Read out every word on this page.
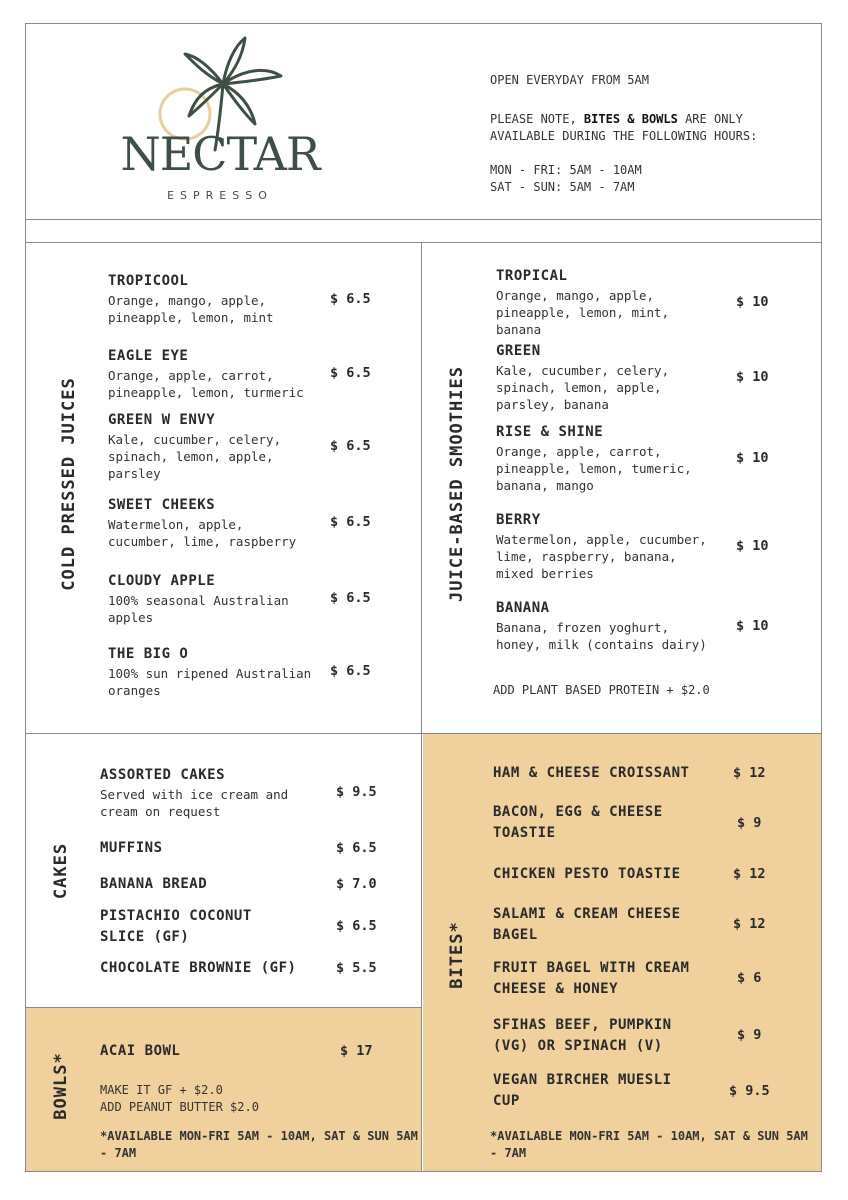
NECTAR
ESPRESSO
OPEN EVERYDAY FROM 5AM
PLEASE NOTE, BITES & BOWLS ARE ONLY AVAILABLE DURING THE FOLLOWING HOURS:
MON - FRI: 5AM - 10AM
SAT - SUN: 5AM - 7AM
COLD PRESSED JUICES	JUICE-BASED SMOOTHIES
CAKES
BOWLS*
BITES*
TROPICOOL
Orange, mango, apple, pineapple, lemon, mint
$ 6.5
EAGLE EYE
Orange, apple, carrot, pineapple, lemon, turmeric
$ 6.5
GREEN W ENVY
Kale, cucumber, celery, spinach, lemon, apple, parsley
$ 6.5
SWEET CHEEKS
Watermelon, apple, cucumber, lime, raspberry
$ 6.5
CLOUDY APPLE
100% seasonal Australian apples
$ 6.5
THE BIG O
100% sun ripened Australian oranges
$ 6.5
TROPICAL
Orange, mango, apple, pineapple, lemon, mint, banana
$ 10
GREEN
Kale, cucumber, celery, spinach, lemon, apple, parsley, banana
$ 10
RISE & SHINE
Orange, apple, carrot, pineapple, lemon, tumeric, banana, mango
$ 10
BERRY
Watermelon, apple, cucumber, lime, raspberry, banana, mixed berries
$ 10
BANANA
Banana, frozen yoghurt, honey, milk (contains dairy)
$ 10
ADD PLANT BASED PROTEIN + $2.0
ASSORTED CAKES
Served with ice cream and cream on request
$ 9.5
MUFFINS	$ 6.5
BANANA BREAD	$ 7.0
PISTACHIO COCONUT SLICE (GF)
$ 6.5
CHOCOLATE BROWNIE (GF)	$ 5.5
ACAI BOWL	$ 17
MAKE IT GF + $2.0
ADD PEANUT BUTTER $2.0
*AVAILABLE MON-FRI 5AM - 10AM, SAT & SUN 5AM - 7AM
HAM & CHEESE CROISSANT	$ 12
BACON, EGG & CHEESE TOASTIE
$ 9
CHICKEN PESTO TOASTIE	$ 12
SALAMI & CREAM CHEESE BAGEL
$ 12
FRUIT BAGEL WITH CREAM CHEESE & HONEY
$ 6
SFIHAS BEEF, PUMPKIN (VG) OR SPINACH (V)
$ 9
VEGAN BIRCHER MUESLI CUP
$ 9.5
*AVAILABLE MON-FRI 5AM - 10AM, SAT & SUN 5AM - 7AM
